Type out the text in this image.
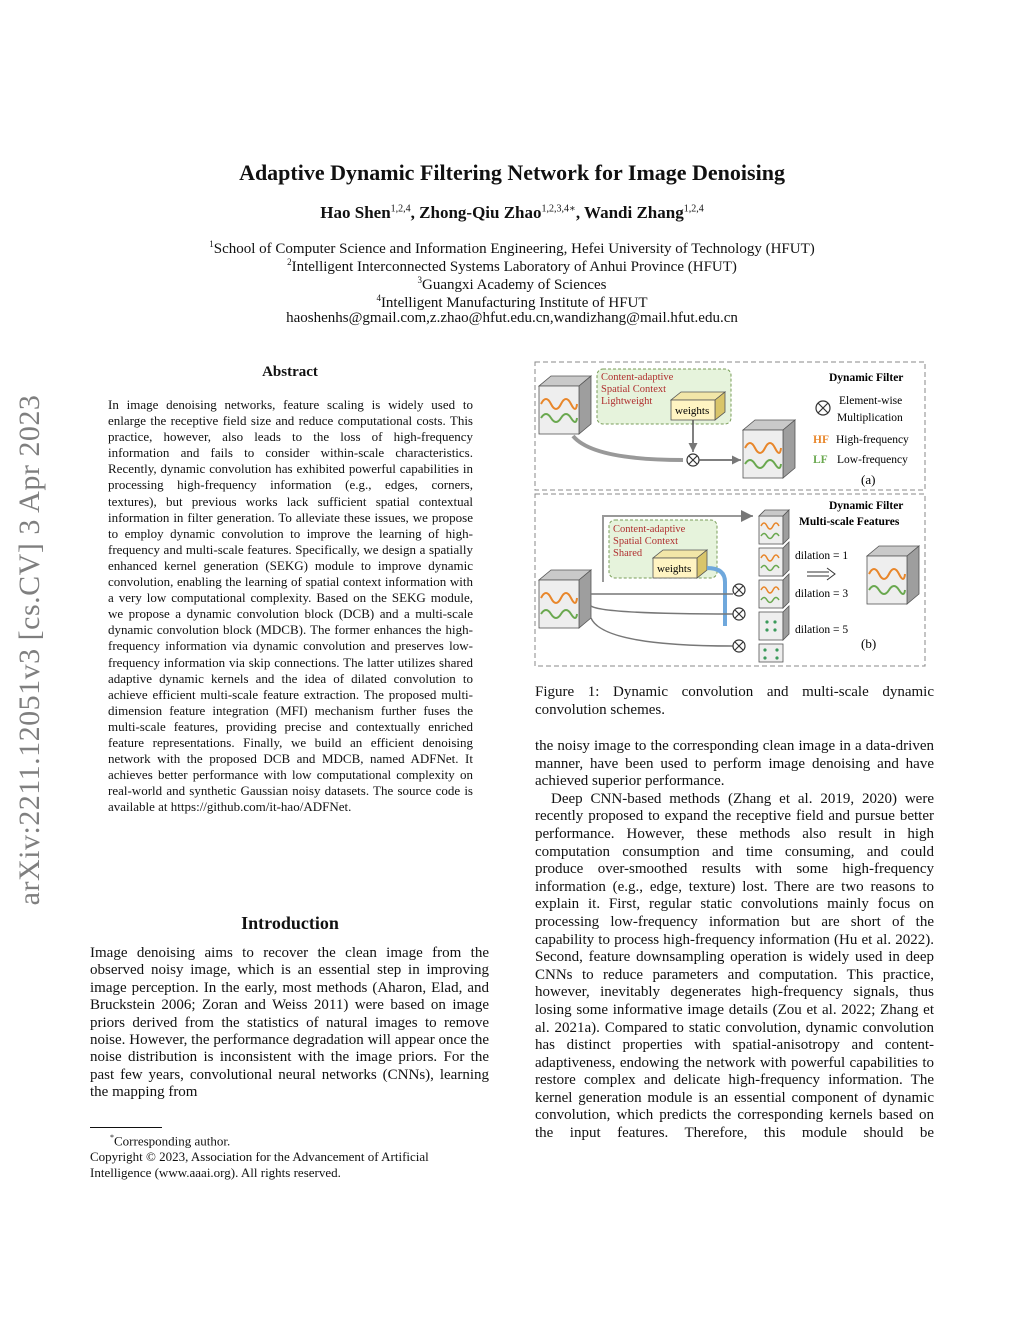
arXiv:2211.12051v3 [cs.CV] 3 Apr 2023
Adaptive Dynamic Filtering Network for Image Denoising
Hao Shen$^{1,2,4}$, Zhong-Qiu Zhao$^{1,2,3,4∗}$, Wandi Zhang$^{1,2,4}$
$^1$School of Computer Science and Information Engineering, Hefei University of Technology (HFUT)
$^2$Intelligent Interconnected Systems Laboratory of Anhui Province (HFUT)
$^3$Guangxi Academy of Sciences
$^4$Intelligent Manufacturing Institute of HFUT
haoshenhs@gmail.com,z.zhao@hfut.edu.cn,wandizhang@mail.hfut.edu.cn
Abstract
In image denoising networks, feature scaling is widely used to enlarge the receptive field size and reduce computational costs. This practice, however, also leads to the loss of high-frequency information and fails to consider within-scale characteristics. Recently, dynamic convolution has exhibited powerful capabilities in processing high-frequency information (e.g., edges, corners, textures), but previous works lack sufficient spatial contextual information in filter generation. To alleviate these issues, we propose to employ dynamic convolution to improve the learning of high-frequency and multi-scale features. Specifically, we design a spatially enhanced kernel generation (SEKG) module to improve dynamic convolution, enabling the learning of spatial context information with a very low computational complexity. Based on the SEKG module, we propose a dynamic convolution block (DCB) and a multi-scale dynamic convolution block (MDCB). The former enhances the high-frequency information via dynamic convolution and preserves low-frequency information via skip connections. The latter utilizes shared adaptive dynamic kernels and the idea of dilated convolution to achieve efficient multi-scale feature extraction. The proposed multi-dimension feature integration (MFI) mechanism further fuses the multi-scale features, providing precise and contextually enriched feature representations. Finally, we build an efficient denoising network with the proposed DCB and MDCB, named ADFNet. It achieves better performance with low computational complexity on real-world and synthetic Gaussian noisy datasets. The source code is available at https://github.com/it-hao/ADFNet.
Introduction
Image denoising aims to recover the clean image from the observed noisy image, which is an essential step in improving image perception. In the early, most methods (Aharon, Elad, and Bruckstein 2006; Zoran and Weiss 2011) were based on image priors derived from the statistics of natural images to remove noise. However, the performance degradation will appear once the noise distribution is inconsistent with the image priors. For the past few years, convolutional neural networks (CNNs), learning the mapping from
*Corresponding author.
Copyright © 2023, Association for the Advancement of Artificial Intelligence (www.aaai.org). All rights reserved.
Content-adaptive
Spatial Context
Lightweight
weights
Dynamic Filter
Element-wise
Multiplication
HF High-frequency
LF Low-frequency
(a)
Dynamic Filter
Multi-scale Features
Content-adaptive
Spatial Context
Shared
weights
dilation = 1
dilation = 3
dilation = 5
(b)
Figure 1: Dynamic convolution and multi-scale dynamic convolution schemes.

the noisy image to the corresponding clean image in a data-driven manner, have been used to perform image denoising and have achieved superior performance.

Deep CNN-based methods (Zhang et al. 2019, 2020) were recently proposed to expand the receptive field and pursue better performance. However, these methods also result in high computation consumption and time consuming, and could produce over-smoothed results with some high-frequency information (e.g., edge, texture) lost. There are two reasons to explain it. First, regular static convolutions mainly focus on processing low-frequency information but are short of the capability to process high-frequency information (Hu et al. 2022). Second, feature downsampling operation is widely used in deep CNNs to reduce parameters and computation. This practice, however, inevitably degenerates high-frequency signals, thus losing some informative image details (Zou et al. 2022; Zhang et al. 2021a). Compared to static convolution, dynamic convolution has distinct properties with spatial-anisotropy and content-adaptiveness, endowing the network with powerful capabilities to restore complex and delicate high-frequency information. The kernel generation module is an essential component of dynamic convolution, which predicts the corresponding kernels based on the input features. Therefore, this module should be
